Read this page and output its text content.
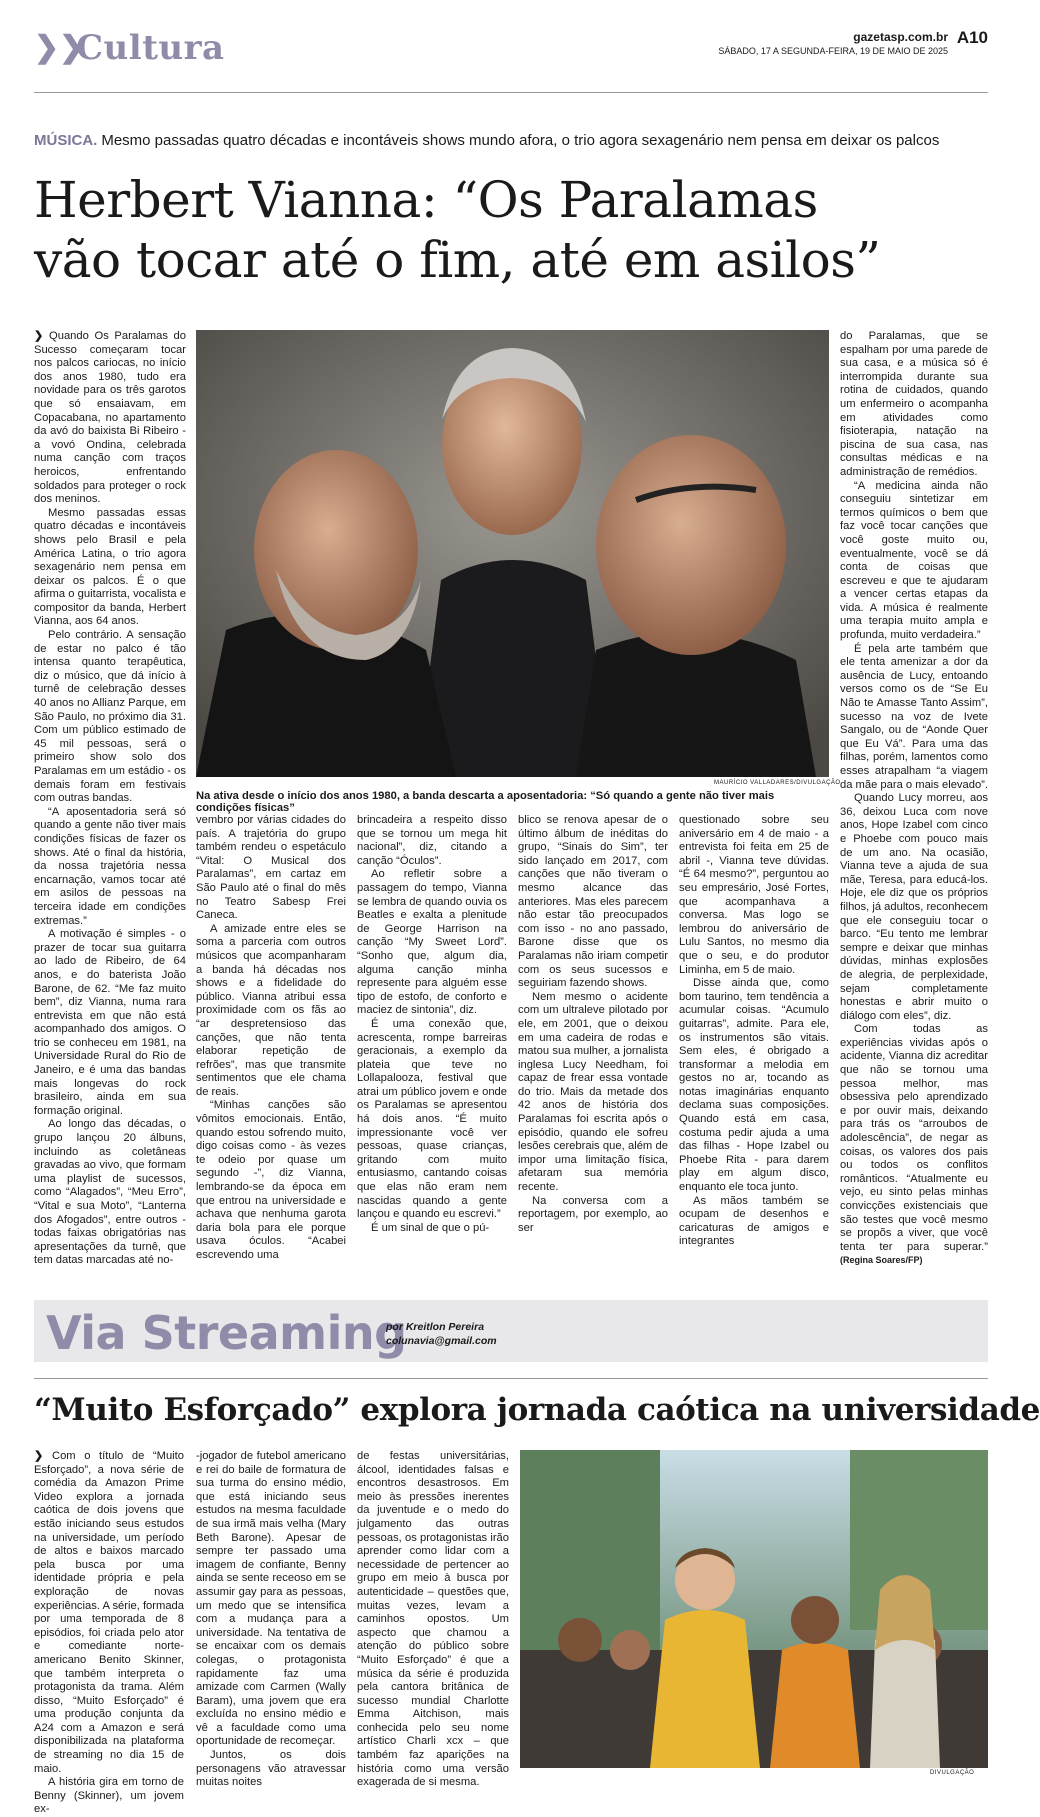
❯❯
Cultura	gazetasp.com.br A10
SÁBADO, 17 A SEGUNDA-FEIRA, 19 DE MAIO DE 2025
MÚSICA. Mesmo passadas quatro décadas e incontáveis shows mundo afora, o trio agora sexagenário nem pensa em deixar os palcos
Herbert Vianna: “Os Paralamas
vão tocar até o fim, até em asilos”

❯ Quando Os Paralamas do Sucesso começaram tocar nos palcos cariocas, no início dos anos 1980, tudo era novidade para os três garotos que só ensaiavam, em Copacabana, no apartamento da avó do baixista Bi Ribeiro - a vovó Ondina, celebrada numa canção com traços heroicos, enfrentando soldados para proteger o rock dos meninos.

Mesmo passadas essas quatro décadas e incontáveis shows pelo Brasil e pela América Latina, o trio agora sexagenário nem pensa em deixar os palcos. É o que afirma o guitarrista, vocalista e compositor da banda, Herbert Vianna, aos 64 anos.

Pelo contrário. A sensação de estar no palco é tão intensa quanto terapêutica, diz o músico, que dá início à turnê de celebração desses 40 anos no Allianz Parque, em São Paulo, no próximo dia 31. Com um público estimado de 45 mil pessoas, será o primeiro show solo dos Paralamas em um estádio - os demais foram em festivais com outras bandas.

“A aposentadoria será só quando a gente não tiver mais condições físicas de fazer os shows. Até o final da história, da nossa trajetória nessa encarnação, vamos tocar até em asilos de pessoas na terceira idade em condições extremas.”

A motivação é simples - o prazer de tocar sua guitarra ao lado de Ribeiro, de 64 anos, e do baterista João Barone, de 62. “Me faz muito bem”, diz Vianna, numa rara entrevista em que não está acompanhado dos amigos. O trio se conheceu em 1981, na Universidade Rural do Rio de Janeiro, e é uma das bandas mais longevas do rock brasileiro, ainda em sua formação original.

Ao longo das décadas, o grupo lançou 20 álbuns, incluindo as coletâneas gravadas ao vivo, que formam uma playlist de sucessos, como “Alagados”, “Meu Erro”, “Vital e sua Moto”, “Lanterna dos Afogados”, entre outros - todas faixas obrigatórias nas apresentações da turnê, que tem datas marcadas até no-

MAURÍCIO VALLADARES/DIVULGAÇÃO
Na ativa desde o início dos anos 1980, a banda descarta a aposentadoria: “Só quando a gente não tiver mais condições físicas”

vembro por várias cidades do país. A trajetória do grupo também rendeu o espetáculo “Vital: O Musical dos Paralamas”, em cartaz em São Paulo até o final do mês no Teatro Sabesp Frei Caneca.

A amizade entre eles se soma a parceria com outros músicos que acompanharam a banda há décadas nos shows e a fidelidade do público. Vianna atribui essa proximidade com os fãs ao “ar despretensioso das canções, que não tenta elaborar repetição de refrões”, mas que transmite sentimentos que ele chama de reais.

“Minhas canções são vômitos emocionais. Então, quando estou sofrendo muito, digo coisas como - às vezes te odeio por quase um segundo -”, diz Vianna, lembrando-se da época em que entrou na universidade e achava que nenhuma garota daria bola para ele porque usava óculos. “Acabei escrevendo uma

brincadeira a respeito disso que se tornou um mega hit nacional”, diz, citando a canção “Óculos”.

Ao refletir sobre a passagem do tempo, Vianna se lembra de quando ouvia os Beatles e exalta a plenitude de George Harrison na canção “My Sweet Lord”. “Sonho que, algum dia, alguma canção minha represente para alguém esse tipo de estofo, de conforto e maciez de sintonia”, diz.

É uma conexão que, acrescenta, rompe barreiras geracionais, a exemplo da plateia que teve no Lollapalooza, festival que atrai um público jovem e onde os Paralamas se apresentou há dois anos. “É muito impressionante você ver pessoas, quase crianças, gritando com muito entusiasmo, cantando coisas que elas não eram nem nascidas quando a gente lançou e quando eu escrevi.”

É um sinal de que o pú-

blico se renova apesar de o último álbum de inéditas do grupo, “Sinais do Sim”, ter sido lançado em 2017, com canções que não tiveram o mesmo alcance das anteriores. Mas eles parecem não estar tão preocupados com isso - no ano passado, Barone disse que os Paralamas não iriam competir com os seus sucessos e seguiriam fazendo shows.

Nem mesmo o acidente com um ultraleve pilotado por ele, em 2001, que o deixou em uma cadeira de rodas e matou sua mulher, a jornalista inglesa Lucy Needham, foi capaz de frear essa vontade do trio. Mais da metade dos 42 anos de história dos Paralamas foi escrita após o episódio, quando ele sofreu lesões cerebrais que, além de impor uma limitação física, afetaram sua memória recente.

Na conversa com a reportagem, por exemplo, ao ser

questionado sobre seu aniversário em 4 de maio - a entrevista foi feita em 25 de abril -, Vianna teve dúvidas. “É 64 mesmo?”, perguntou ao seu empresário, José Fortes, que acompanhava a conversa. Mas logo se lembrou do aniversário de Lulu Santos, no mesmo dia que o seu, e do produtor Liminha, em 5 de maio.

Disse ainda que, como bom taurino, tem tendência a acumular coisas. “Acumulo guitarras”, admite. Para ele, os instrumentos são vitais. Sem eles, é obrigado a transformar a melodia em gestos no ar, tocando as notas imaginárias enquanto declama suas composições. Quando está em casa, costuma pedir ajuda a uma das filhas - Hope Izabel ou Phoebe Rita - para darem play em algum disco, enquanto ele toca junto.

As mãos também se ocupam de desenhos e caricaturas de amigos e integrantes

do Paralamas, que se espalham por uma parede de sua casa, e a música só é interrompida durante sua rotina de cuidados, quando um enfermeiro o acompanha em atividades como fisioterapia, natação na piscina de sua casa, nas consultas médicas e na administração de remédios.

“A medicina ainda não conseguiu sintetizar em termos químicos o bem que faz você tocar canções que você goste muito ou, eventualmente, você se dá conta de coisas que escreveu e que te ajudaram a vencer certas etapas da vida. A música é realmente uma terapia muito ampla e profunda, muito verdadeira.”

É pela arte também que ele tenta amenizar a dor da ausência de Lucy, entoando versos como os de “Se Eu Não te Amasse Tanto Assim”, sucesso na voz de Ivete Sangalo, ou de “Aonde Quer que Eu Vá”. Para uma das filhas, porém, lamentos como esses atrapalham “a viagem da mãe para o mais elevado”.

Quando Lucy morreu, aos 36, deixou Luca com nove anos, Hope Izabel com cinco e Phoebe com pouco mais de um ano. Na ocasião, Vianna teve a ajuda de sua mãe, Teresa, para educá-los. Hoje, ele diz que os próprios filhos, já adultos, reconhecem que ele conseguiu tocar o barco. “Eu tento me lembrar sempre e deixar que minhas dúvidas, minhas explosões de alegria, de perplexidade, sejam completamente honestas e abrir muito o diálogo com eles”, diz.

Com todas as experiências vividas após o acidente, Vianna diz acreditar que não se tornou uma pessoa melhor, mas obsessiva pelo aprendizado e por ouvir mais, deixando para trás os “arroubos de adolescência”, de negar as coisas, os valores dos pais ou todos os conflitos românticos. “Atualmente eu vejo, eu sinto pelas minhas convicções existenciais que são testes que você mesmo se propõs a viver, que você tenta ter para superar.” (Regina Soares/FP)

Via Streaming
por Kreitlon Pereira
colunavia@gmail.com
“Muito Esforçado” explora jornada caótica na universidade

❯ Com o título de “Muito Esforçado”, a nova série de comédia da Amazon Prime Video explora a jornada caótica de dois jovens que estão iniciando seus estudos na universidade, um período de altos e baixos marcado pela busca por uma identidade própria e pela exploração de novas experiências. A série, formada por uma temporada de 8 episódios, foi criada pelo ator e comediante norte-americano Benito Skinner, que também interpreta o protagonista da trama. Além disso, “Muito Esforçado” é uma produção conjunta da A24 com a Amazon e será disponibilizada na plataforma de streaming no dia 15 de maio.

A história gira em torno de Benny (Skinner), um jovem ex-

-jogador de futebol americano e rei do baile de formatura de sua turma do ensino médio, que está iniciando seus estudos na mesma faculdade de sua irmã mais velha (Mary Beth Barone). Apesar de sempre ter passado uma imagem de confiante, Benny ainda se sente receoso em se assumir gay para as pessoas, um medo que se intensifica com a mudança para a universidade. Na tentativa de se encaixar com os demais colegas, o protagonista rapidamente faz uma amizade com Carmen (Wally Baram), uma jovem que era excluída no ensino médio e vê a faculdade como uma oportunidade de recomeçar.

Juntos, os dois personagens vão atravessar muitas noites

de festas universitárias, álcool, identidades falsas e encontros desastrosos. Em meio às pressões inerentes da juventude e o medo do julgamento das outras pessoas, os protagonistas irão aprender como lidar com a necessidade de pertencer ao grupo em meio à busca por autenticidade – questões que, muitas vezes, levam a caminhos opostos. Um aspecto que chamou a atenção do público sobre “Muito Esforçado” é que a música da série é produzida pela cantora britânica de sucesso mundial Charlotte Emma Aitchison, mais conhecida pelo seu nome artístico Charli xcx – que também faz aparições na história como uma versão exagerada de si mesma.

DIVULGAÇÃO
